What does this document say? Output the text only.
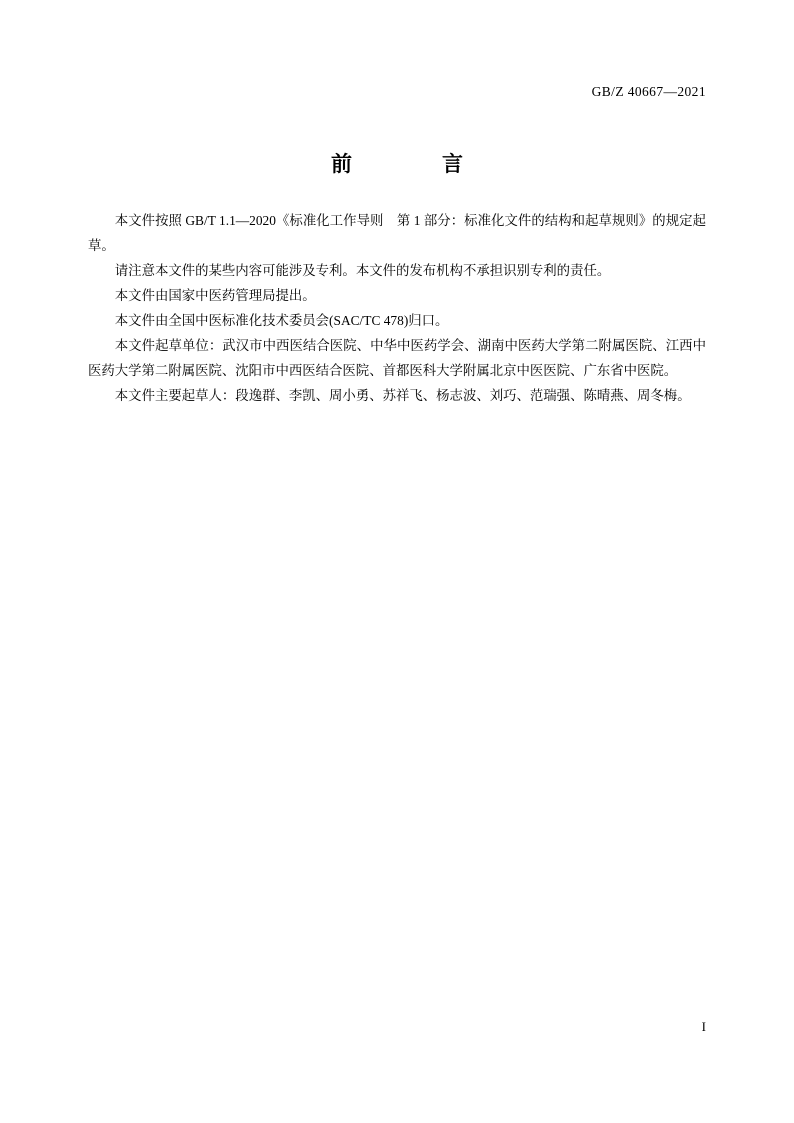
GB/Z 40667—2021
前　　言

本文件按照 GB/T 1.1—2020《标准化工作导则　第 1 部分：标准化文件的结构和起草规则》的规定起草。

请注意本文件的某些内容可能涉及专利。本文件的发布机构不承担识别专利的责任。

本文件由国家中医药管理局提出。

本文件由全国中医标准化技术委员会(SAC/TC 478)归口。

本文件起草单位：武汉市中西医结合医院、中华中医药学会、湖南中医药大学第二附属医院、江西中医药大学第二附属医院、沈阳市中西医结合医院、首都医科大学附属北京中医医院、广东省中医院。

本文件主要起草人：段逸群、李凯、周小勇、苏祥飞、杨志波、刘巧、范瑞强、陈晴燕、周冬梅。

I
